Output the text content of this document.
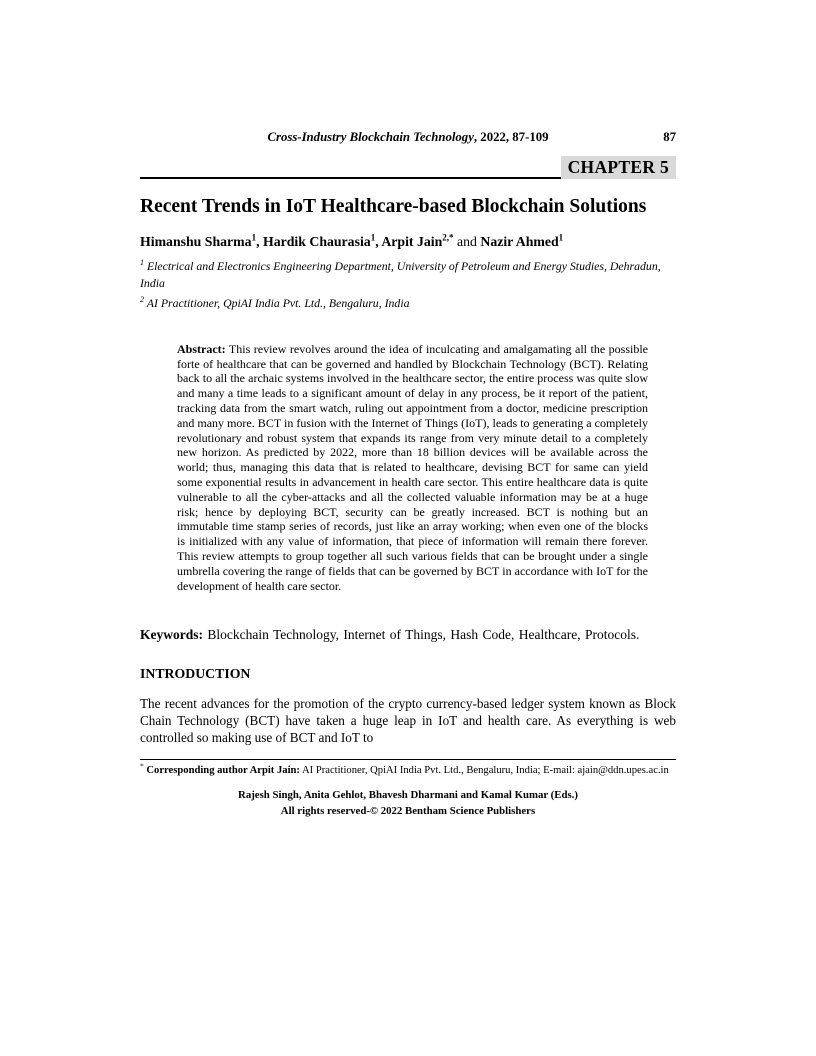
Cross-Industry Blockchain Technology, 2022, 87-109	87
CHAPTER 5
Recent Trends in IoT Healthcare-based Blockchain Solutions
Himanshu Sharma$^1$, Hardik Chaurasia$^1$, Arpit Jain$^{2,*}$ and Nazir Ahmed$^1$
$^1$ Electrical and Electronics Engineering Department, University of Petroleum and Energy Studies, Dehradun, India
$^2$ AI Practitioner, QpiAI India Pvt. Ltd., Bengaluru, India
Abstract: This review revolves around the idea of inculcating and amalgamating all the possible forte of healthcare that can be governed and handled by Blockchain Technology (BCT). Relating back to all the archaic systems involved in the healthcare sector, the entire process was quite slow and many a time leads to a significant amount of delay in any process, be it report of the patient, tracking data from the smart watch, ruling out appointment from a doctor, medicine prescription and many more. BCT in fusion with the Internet of Things (IoT), leads to generating a completely revolutionary and robust system that expands its range from very minute detail to a completely new horizon. As predicted by 2022, more than 18 billion devices will be available across the world; thus, managing this data that is related to healthcare, devising BCT for same can yield some exponential results in advancement in health care sector. This entire healthcare data is quite vulnerable to all the cyber-attacks and all the collected valuable information may be at a huge risk; hence by deploying BCT, security can be greatly increased. BCT is nothing but an immutable time stamp series of records, just like an array working; when even one of the blocks is initialized with any value of information, that piece of information will remain there forever. This review attempts to group together all such various fields that can be brought under a single umbrella covering the range of fields that can be governed by BCT in accordance with IoT for the development of health care sector.
Keywords: Blockchain Technology, Internet of Things, Hash Code, Healthcare, Protocols.
INTRODUCTION
The recent advances for the promotion of the crypto currency-based ledger system known as Block Chain Technology (BCT) have taken a huge leap in IoT and health care. As everything is web controlled so making use of BCT and IoT to
* Corresponding author Arpit Jain: AI Practitioner, QpiAI India Pvt. Ltd., Bengaluru, India; E-mail: ajain@ddn.upes.ac.in
Rajesh Singh, Anita Gehlot, Bhavesh Dharmani and Kamal Kumar (Eds.)
All rights reserved-© 2022 Bentham Science Publishers
